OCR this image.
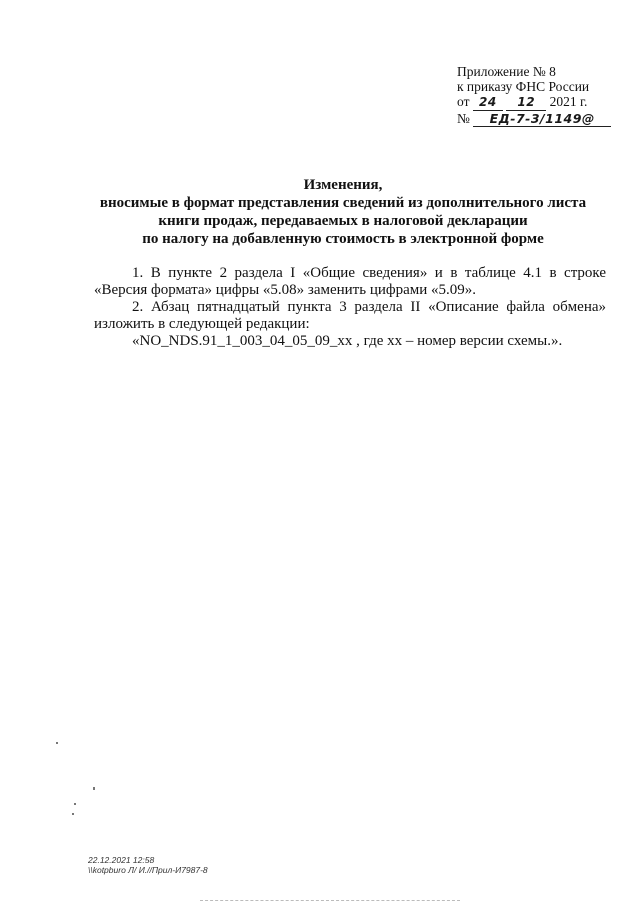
Приложение № 8
к приказу ФНС России
от 24 12 2021 г.
№ ЕД-7-3/1149@
Изменения,
вносимые в формат представления сведений из дополнительного листа
книги продаж, передаваемых в налоговой декларации
по налогу на добавленную стоимость в электронной форме

1. В пункте 2 раздела I «Общие сведения» и в таблице 4.1 в строке «Версия формата» цифры «5.08» заменить цифрами «5.09».

2. Абзац пятнадцатый пункта 3 раздела II «Описание файла обмена» изложить в следующей редакции:

«NO_NDS.91_1_003_04_05_09_xx , где xx – номер версии схемы.».

22.12.2021 12:58
\\kotpburo Л/ И.//Прил-И7987-8
